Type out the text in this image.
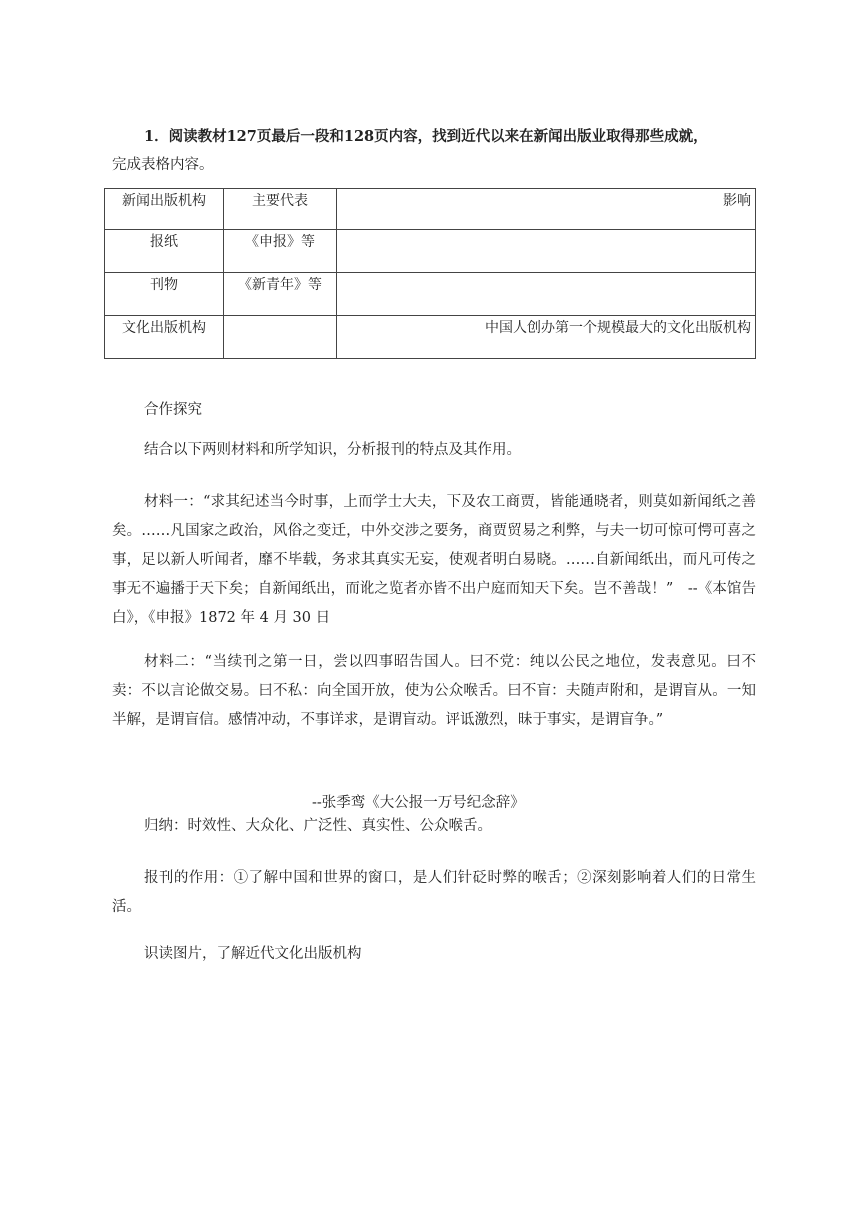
1．阅读教材127页最后一段和128页内容，找到近代以来在新闻出版业取得那些成就，
完成表格内容。
新闻出版机构	主要代表	影响
报纸	《申报》等	
刊物	《新青年》等	
文化出版机构		中国人创办第一个规模最大的文化出版机构
合作探究
结合以下两则材料和所学知识，分析报刊的特点及其作用。
材料一：“求其纪述当今时事，上而学士大夫，下及农工商贾，皆能通晓者，则莫如新闻纸之善矣。……凡国家之政治，风俗之变迁，中外交涉之要务，商贾贸易之利弊，与夫一切可惊可愕可喜之事，足以新人听闻者，靡不毕载，务求其真实无妄，使观者明白易晓。……自新闻纸出，而凡可传之事无不遍播于天下矣；自新闻纸出，而讹之览者亦皆不出户庭而知天下矣。岂不善哉！”　--《本馆告白》，《申报》1872 年 4 月 30 日
材料二：“当续刊之第一日，尝以四事昭告国人。曰不党：纯以公民之地位，发表意见。曰不卖：不以言论做交易。曰不私：向全国开放，使为公众喉舌。曰不盲：夫随声附和，是谓盲从。一知半解，是谓盲信。感情冲动，不事详求，是谓盲动。评诋激烈，昧于事实，是谓盲争。”
--张季鸾《大公报一万号纪念辞》
归纳：时效性、大众化、广泛性、真实性、公众喉舌。
报刊的作用：①了解中国和世界的窗口，是人们针砭时弊的喉舌；②深刻影响着人们的日常生活。
识读图片，了解近代文化出版机构
